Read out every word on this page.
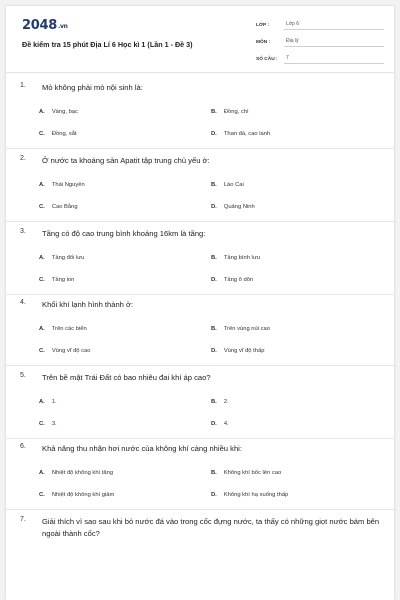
2048.vn
Đề kiểm tra 15 phút Địa Lí 6 Học kì 1 (Lần 1 - Đề 3)
LỚP :	Lớp 6
MÔN :	Địa lý
SỐ CÂU :	7
1. Mỏ không phải mỏ nội sinh là:
A. Vàng, bạc	B. Đồng, chì
C. Đồng, sắt	D. Than đá, cao lanh
2. Ở nước ta khoáng sản Apatit tập trung chủ yếu ở:
A. Thái Nguyên	B. Lào Cai
C. Cao Bằng	D. Quảng Ninh
3. Tầng có độ cao trung bình khoảng 16km là tầng:
A. Tầng đối lưu	B. Tầng bình lưu
C. Tầng ion	D. Tầng ô dôn
4. Khối khí lạnh hình thành ở:
A. Trên các biển	B. Trên vùng núi cao
C. Vùng vĩ độ cao	D. Vùng vĩ độ thấp
5. Trên bề mặt Trái Đất có bao nhiêu đai khí áp cao?
A. 1.	B. 2.
C. 3.	D. 4.
6. Khả năng thu nhận hơi nước của không khí càng nhiều khi:
A. Nhiệt độ không khí tăng	B. Không khí bốc lên cao
C. Nhiệt độ không khí giảm	D. Không khí hạ xuống thấp
7. Giải thích vì sao sau khi bỏ nước đá vào trong cốc đựng nước, ta thấy có những giọt nước bám bên ngoài thành cốc?
